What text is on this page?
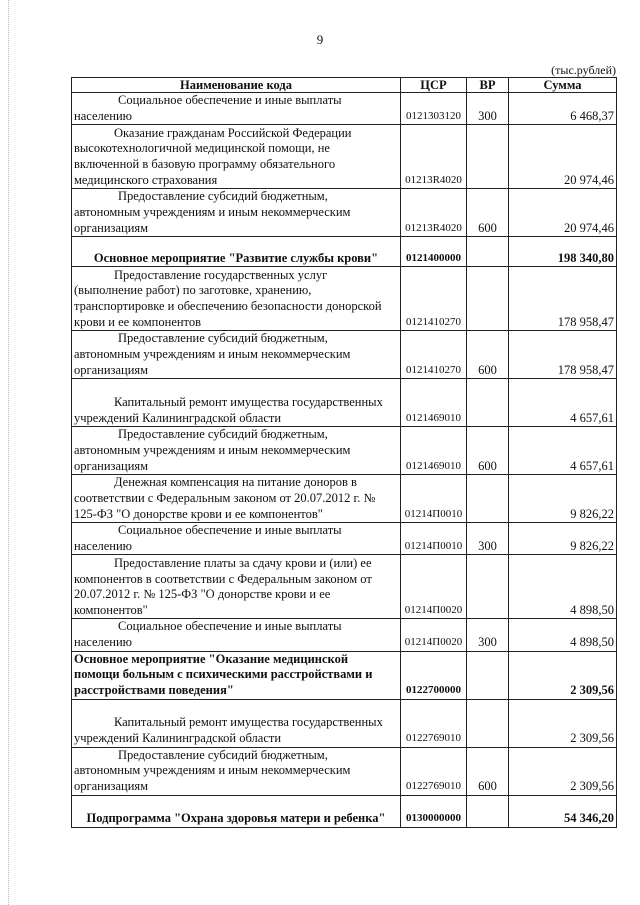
9
(тыс.рублей)
Наименование кода	ЦСР	ВР	Сумма

Социальное обеспечение и иные выплаты
населению	0121303120	300	6 468,37

Оказание гражданам Российской Федерации
высокотехнологичной медицинской помощи, не
включенной в базовую программу обязательного
медицинского страхования	01213R4020		20 974,46

Предоставление субсидий бюджетным,
автономным учреждениям и иным некоммерческим
организациям	01213R4020	600	20 974,46

Основное мероприятие "Развитие службы крови"	0121400000		198 340,80

Предоставление государственных услуг
(выполнение работ) по заготовке, хранению,
транспортировке и обеспечению безопасности донорской
крови и ее компонентов	0121410270		178 958,47

Предоставление субсидий бюджетным,
автономным учреждениям и иным некоммерческим
организациям	0121410270	600	178 958,47

Капитальный ремонт имущества государственных
учреждений Калининградской области	0121469010		4 657,61

Предоставление субсидий бюджетным,
автономным учреждениям и иным некоммерческим
организациям	0121469010	600	4 657,61

Денежная компенсация на питание доноров в
соответствии с Федеральным законом от 20.07.2012 г. №
125-ФЗ "О донорстве крови и ее компонентов"	01214П0010		9 826,22

Социальное обеспечение и иные выплаты
населению	01214П0010	300	9 826,22

Предоставление платы за сдачу крови и (или) ее
компонентов в соответствии с Федеральным законом от
20.07.2012 г. № 125-ФЗ "О донорстве крови и ее
компонентов"	01214П0020		4 898,50

Социальное обеспечение и иные выплаты
населению	01214П0020	300	4 898,50

Основное мероприятие "Оказание медицинской
помощи больным с психическими расстройствами и
расстройствами поведения"	0122700000		2 309,56

Капитальный ремонт имущества государственных
учреждений Калининградской области	0122769010		2 309,56

Предоставление субсидий бюджетным,
автономным учреждениям и иным некоммерческим
организациям	0122769010	600	2 309,56

Подпрограмма "Охрана здоровья матери и ребенка"	0130000000		54 346,20
